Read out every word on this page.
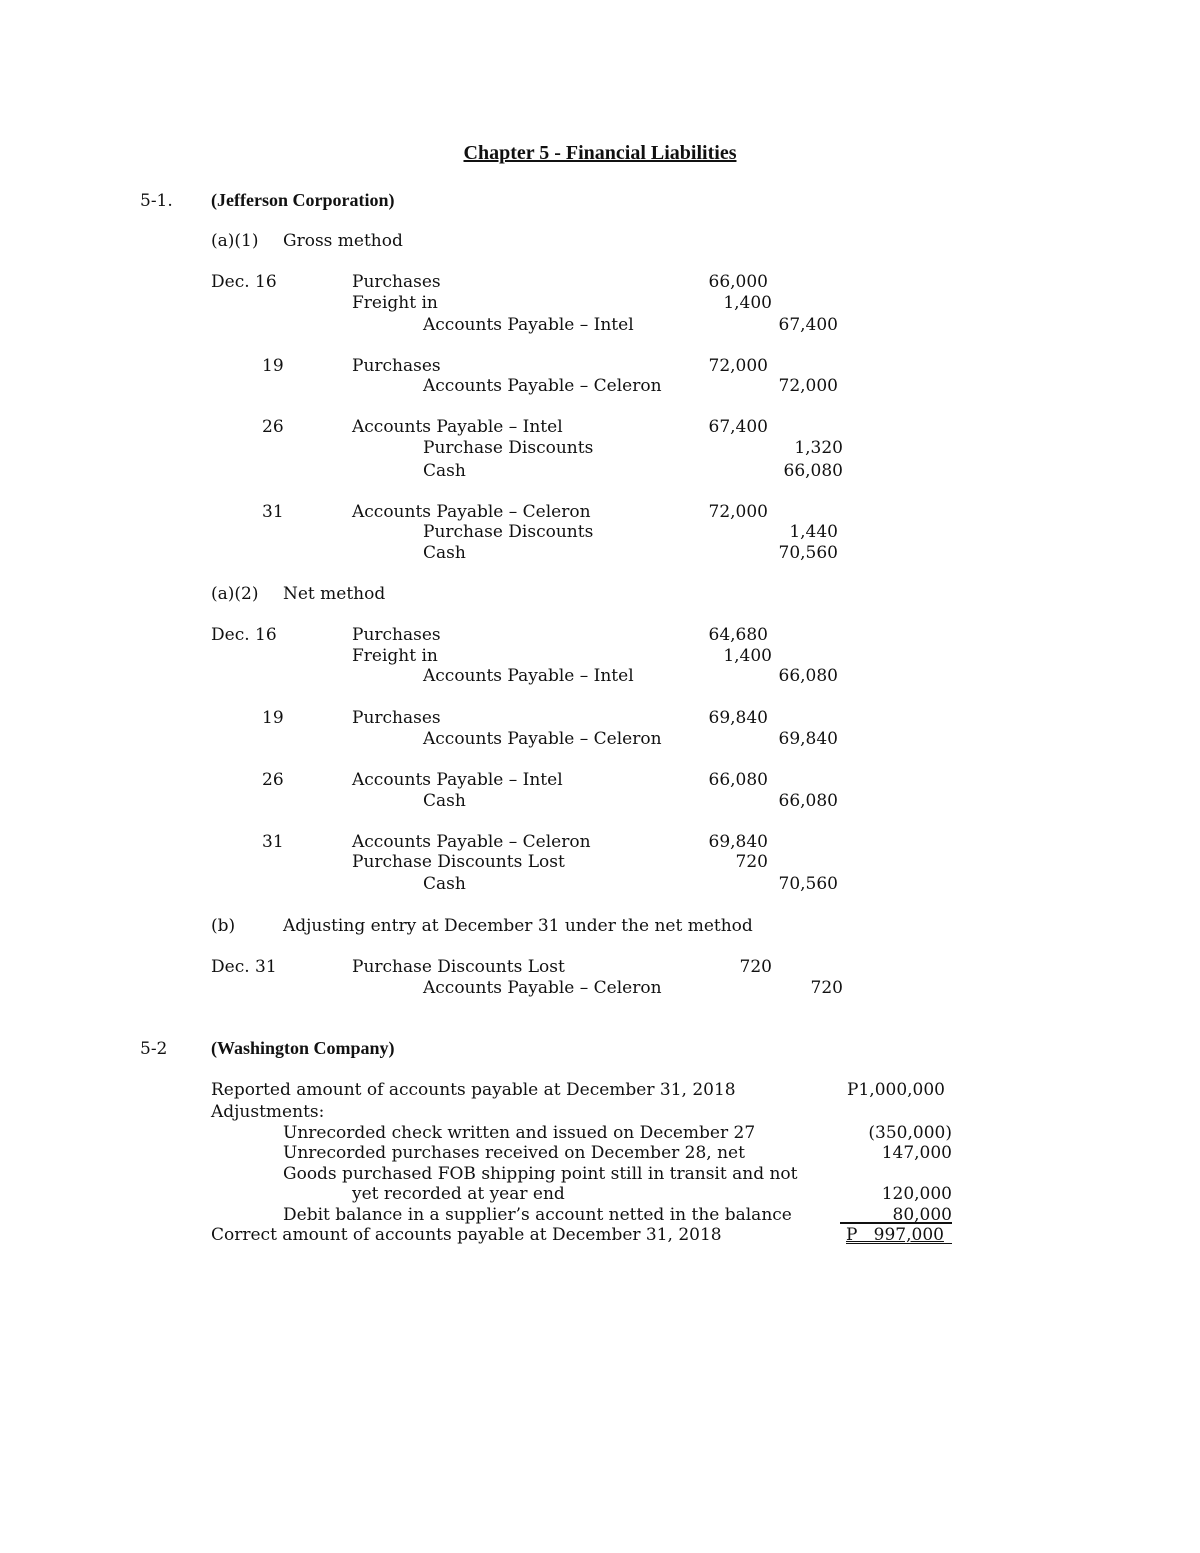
Chapter 5 - Financial Liabilities
5-1. (Jefferson Corporation)
(a)(1) Gross method
Dec. 16	Purchases	66,000
Freight in	1,400
Accounts Payable – Intel	67,400
19	Purchases	72,000
Accounts Payable – Celeron	72,000
26	Accounts Payable – Intel	67,400
Purchase Discounts	1,320
Cash	66,080
31	Accounts Payable – Celeron	72,000
Purchase Discounts	1,440
Cash	70,560
(a)(2) Net method
Dec. 16	Purchases	64,680
Freight in	1,400
Accounts Payable – Intel	66,080
19	Purchases	69,840
Accounts Payable – Celeron	69,840
26	Accounts Payable – Intel	66,080
Cash	66,080
31	Accounts Payable – Celeron	69,840
Purchase Discounts Lost	720
Cash	70,560
(b)	Adjusting entry at December 31 under the net method
Dec. 31	Purchase Discounts Lost	720
Accounts Payable – Celeron	720
5-2 (Washington Company)
Reported amount of accounts payable at December 31, 2018	P1,000,000
Adjustments:
Unrecorded check written and issued on December 27	(350,000)
Unrecorded purchases received on December 28, net	147,000
Goods purchased FOB shipping point still in transit and not
yet recorded at year end	120,000
Debit balance in a supplier’s account netted in the balance	80,000
Correct amount of accounts payable at December 31, 2018	P   997,000
